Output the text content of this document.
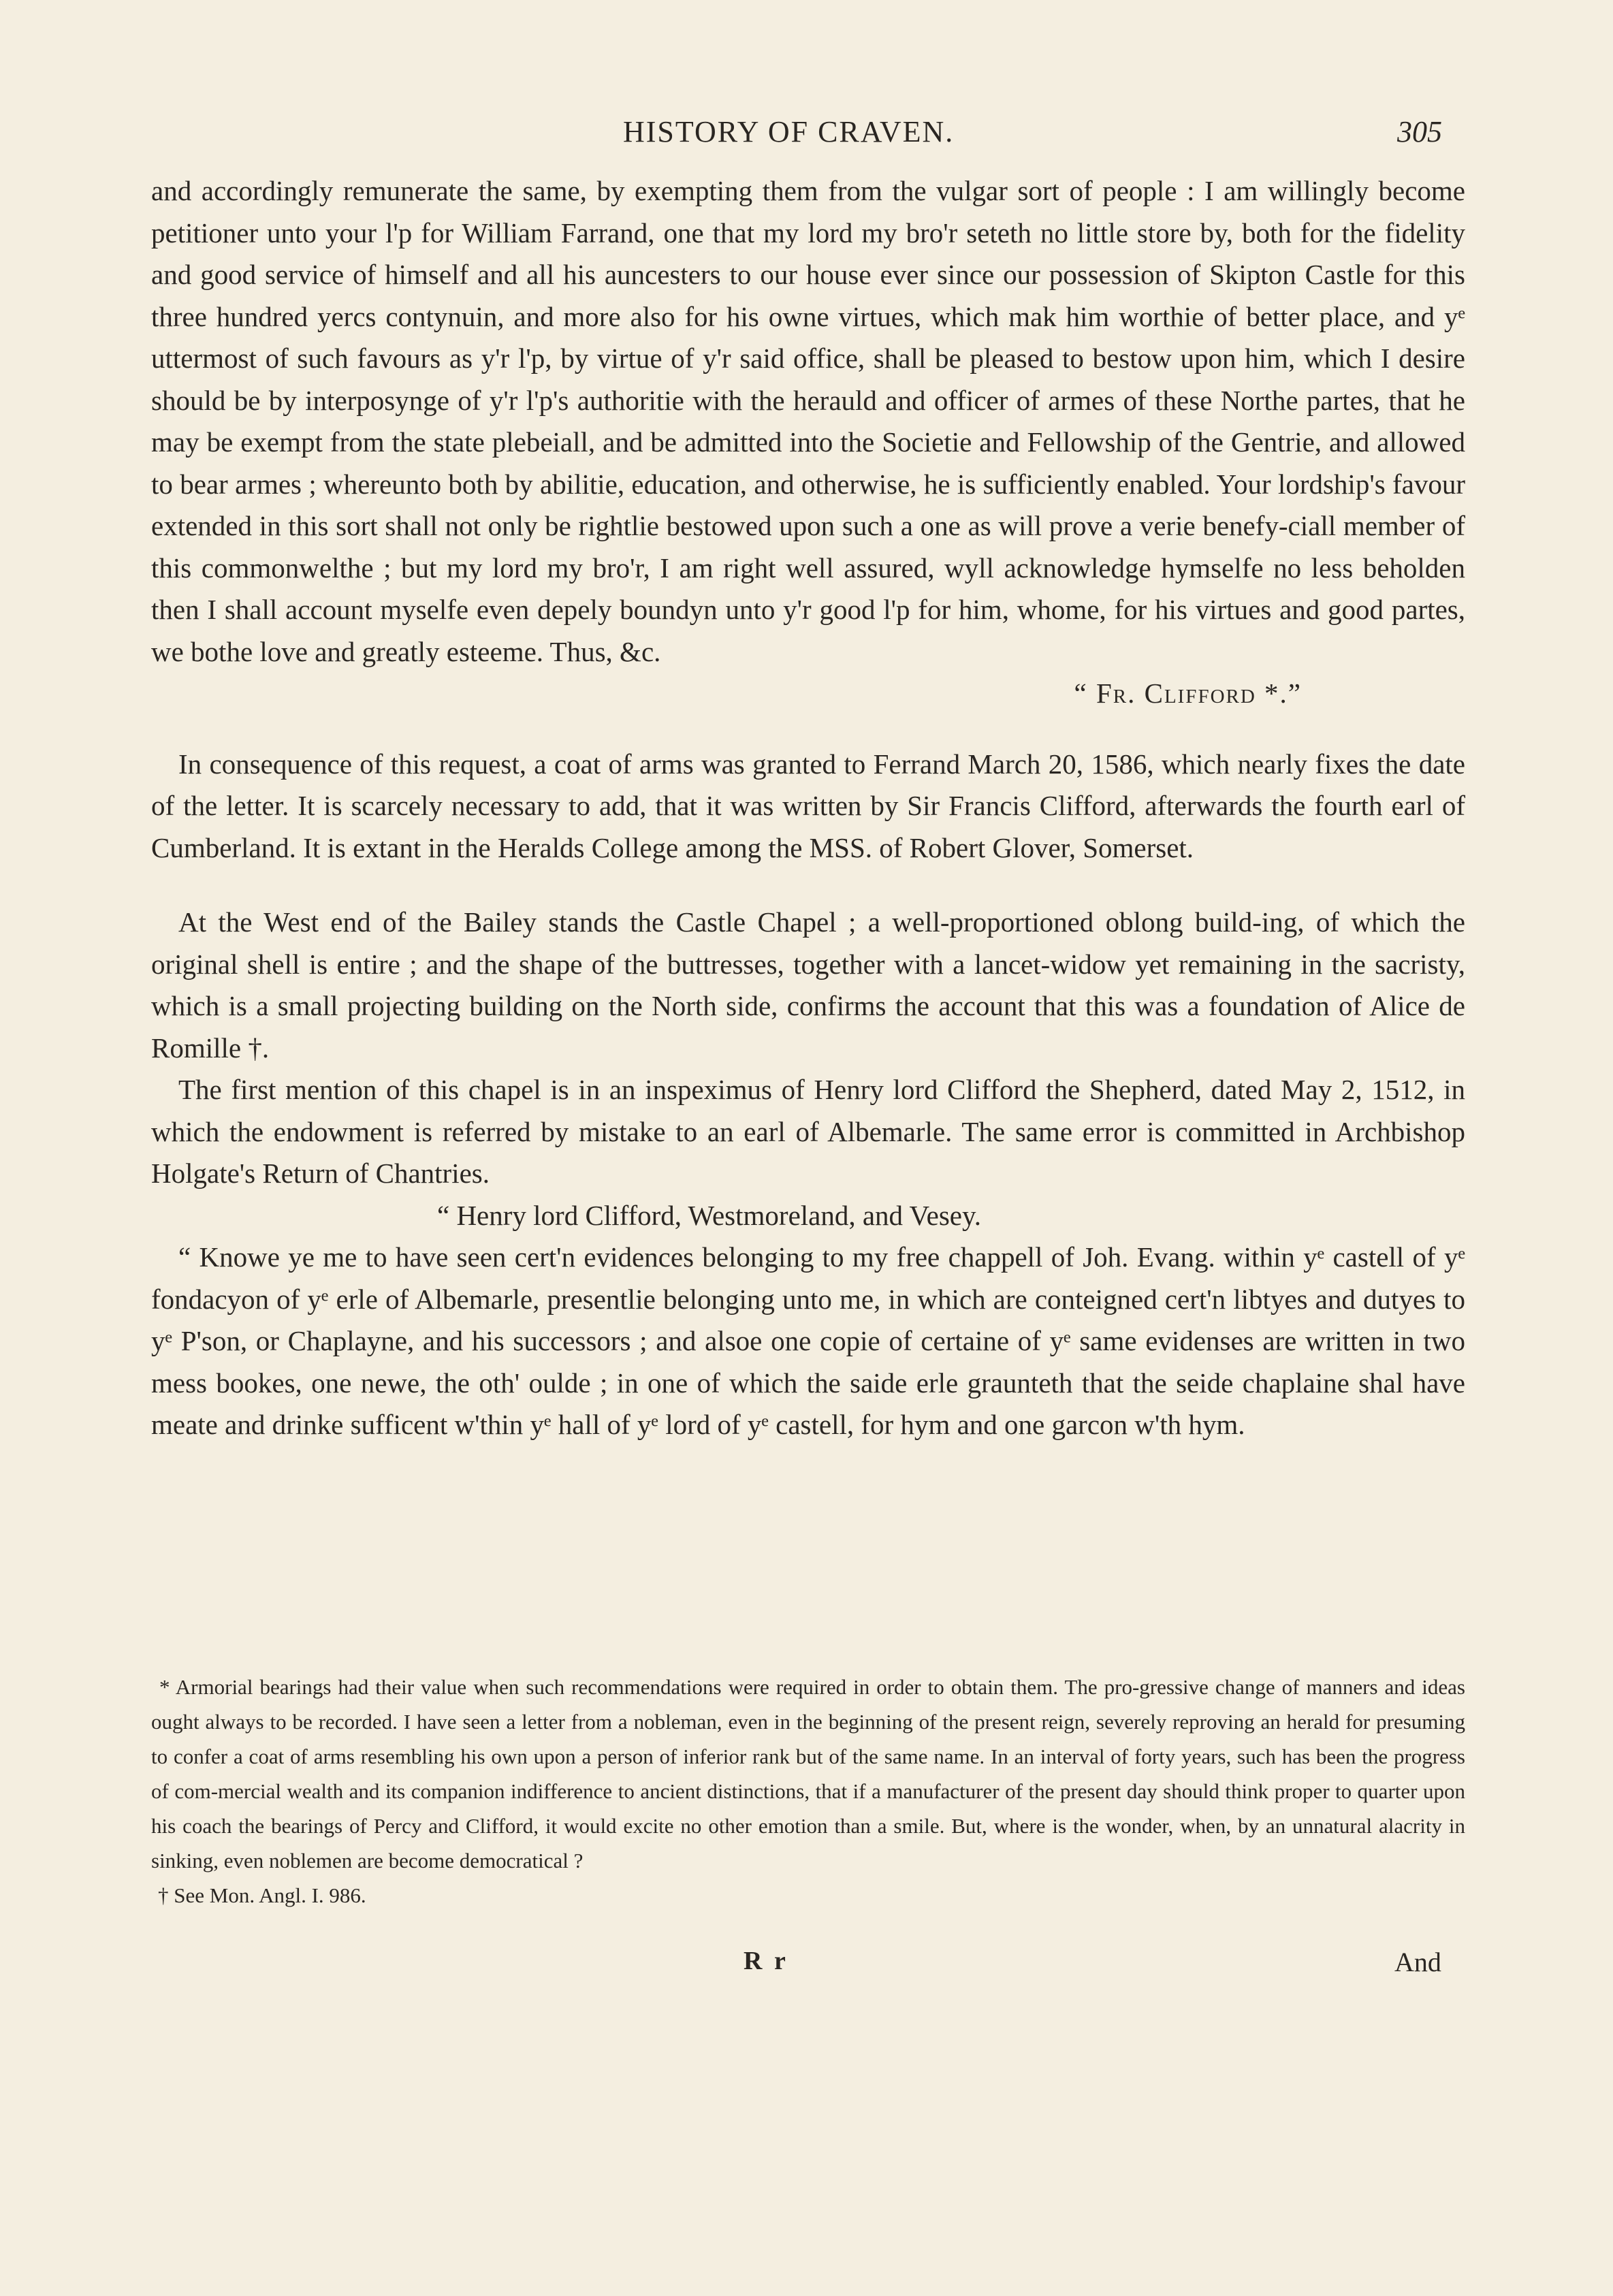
HISTORY OF CRAVEN.	305

and accordingly remunerate the same, by exempting them from the vulgar sort of people : I am willingly become petitioner unto your l'p for William Farrand, one that my lord my bro'r seteth no little store by, both for the fidelity and good service of himself and all his auncesters to our house ever since our possession of Skipton Castle for this three hundred yercs contynuin, and more also for his owne virtues, which mak him worthie of better place, and yᵉ uttermost of such favours as y'r l'p, by virtue of y'r said office, shall be pleased to bestow upon him, which I desire should be by interposynge of y'r l'p's authoritie with the herauld and officer of armes of these Northe partes, that he may be exempt from the state plebeiall, and be admitted into the Societie and Fellowship of the Gentrie, and allowed to bear armes ; whereunto both by abilitie, education, and otherwise, he is sufficiently enabled. Your lordship's favour extended in this sort shall not only be rightlie bestowed upon such a one as will prove a verie benefy-ciall member of this commonwelthe ; but my lord my bro'r, I am right well assured, wyll acknowledge hymselfe no less beholden then I shall account myselfe even depely boundyn unto y'r good l'p for him, whome, for his virtues and good partes, we bothe love and greatly esteeme. Thus, &c.

“ Fr. Clifford *.”

In consequence of this request, a coat of arms was granted to Ferrand March 20, 1586, which nearly fixes the date of the letter. It is scarcely necessary to add, that it was written by Sir Francis Clifford, afterwards the fourth earl of Cumberland. It is extant in the Heralds College among the MSS. of Robert Glover, Somerset.

At the West end of the Bailey stands the Castle Chapel ; a well-proportioned oblong build-ing, of which the original shell is entire ; and the shape of the buttresses, together with a lancet-widow yet remaining in the sacristy, which is a small projecting building on the North side, confirms the account that this was a foundation of Alice de Romille †.

The first mention of this chapel is in an inspeximus of Henry lord Clifford the Shepherd, dated May 2, 1512, in which the endowment is referred by mistake to an earl of Albemarle. The same error is committed in Archbishop Holgate's Return of Chantries.

“ Henry lord Clifford, Westmoreland, and Vesey.

“ Knowe ye me to have seen cert'n evidences belonging to my free chappell of Joh. Evang. within yᵉ castell of yᵉ fondacyon of yᵉ erle of Albemarle, presentlie belonging unto me, in which are conteigned cert'n libtyes and dutyes to yᵉ P'son, or Chaplayne, and his successors ; and alsoe one copie of certaine of yᵉ same evidenses are written in two mess bookes, one newe, the oth' oulde ; in one of which the saide erle graunteth that the seide chaplaine shal have meate and drinke sufficent w'thin yᵉ hall of yᵉ lord of yᵉ castell, for hym and one garcon w'th hym.

* Armorial bearings had their value when such recommendations were required in order to obtain them. The pro-gressive change of manners and ideas ought always to be recorded. I have seen a letter from a nobleman, even in the beginning of the present reign, severely reproving an herald for presuming to confer a coat of arms resembling his own upon a person of inferior rank but of the same name. In an interval of forty years, such has been the progress of com-mercial wealth and its companion indifference to ancient distinctions, that if a manufacturer of the present day should think proper to quarter upon his coach the bearings of Percy and Clifford, it would excite no other emotion than a smile. But, where is the wonder, when, by an unnatural alacrity in sinking, even noblemen are become democratical ?

† See Mon. Angl. I. 986.

R r	And
